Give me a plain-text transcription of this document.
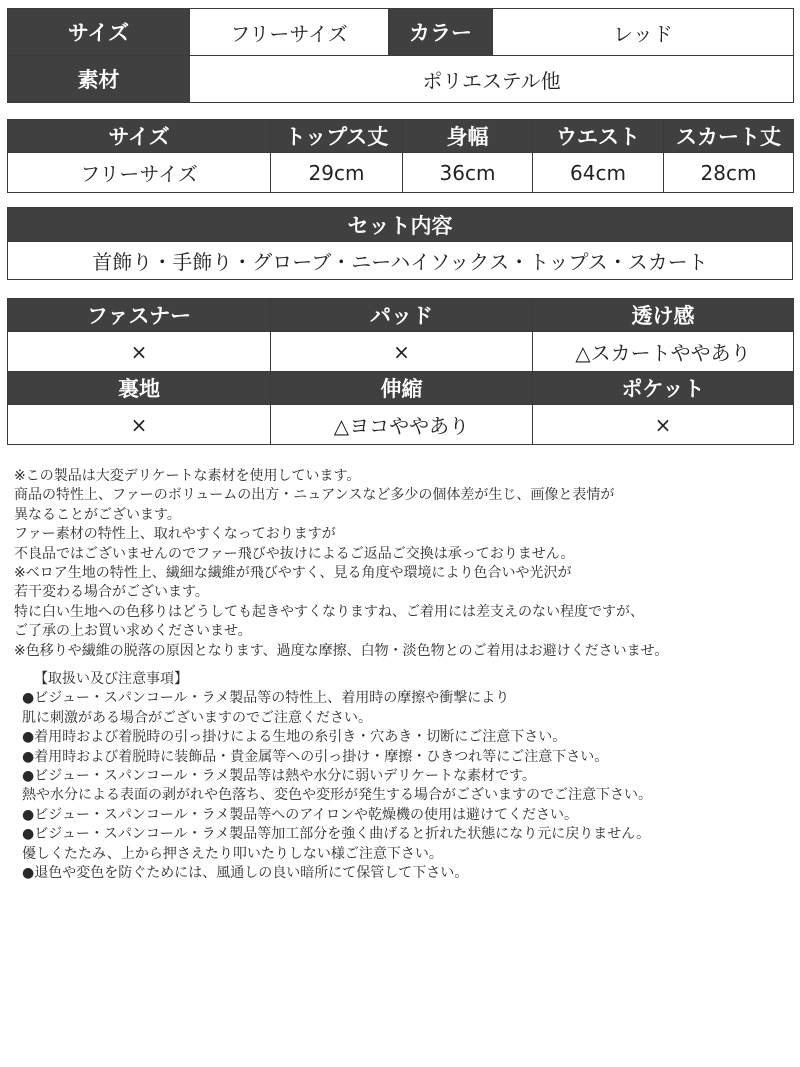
サイズ	フリーサイズ	カラー	レッド
素材	ポリエステル他		
サイズ	トップス丈	身幅	ウエスト	スカート丈
フリーサイズ	29cm	36cm	64cm	28cm
セット内容
首飾り・手飾り・グローブ・ニーハイソックス・トップス・スカート
ファスナー	パッド	透け感
×	×	△スカートややあり
裏地	伸縮	ポケット
×	△ヨコややあり	×
※この製品は大変デリケートな素材を使用しています。
商品の特性上、ファーのボリュームの出方・ニュアンスなど多少の個体差が生じ、画像と表情が
異なることがございます。
ファー素材の特性上、取れやすくなっておりますが
不良品ではございませんのでファー飛びや抜けによるご返品ご交換は承っておりません。
※ベロア生地の特性上、繊細な繊維が飛びやすく、見る角度や環境により色合いや光沢が
若干変わる場合がございます。
特に白い生地への色移りはどうしても起きやすくなりますね、ご着用には差支えのない程度ですが、
ご了承の上お買い求めくださいませ。
※色移りや繊維の脱落の原因となります、過度な摩擦、白物・淡色物とのご着用はお避けくださいませ。
【取扱い及び注意事項】
●ビジュー・スパンコール・ラメ製品等の特性上、着用時の摩擦や衝撃により
肌に刺激がある場合がございますのでご注意ください。
●着用時および着脱時の引っ掛けによる生地の糸引き・穴あき・切断にご注意下さい。
●着用時および着脱時に装飾品・貴金属等への引っ掛け・摩擦・ひきつれ等にご注意下さい。
●ビジュー・スパンコール・ラメ製品等は熱や水分に弱いデリケートな素材です。
熱や水分による表面の剥がれや色落ち、変色や変形が発生する場合がございますのでご注意下さい。
●ビジュー・スパンコール・ラメ製品等へのアイロンや乾燥機の使用は避けてください。
●ビジュー・スパンコール・ラメ製品等加工部分を強く曲げると折れた状態になり元に戻りません。
優しくたたみ、上から押さえたり叩いたりしない様ご注意下さい。
●退色や変色を防ぐためには、風通しの良い暗所にて保管して下さい。
